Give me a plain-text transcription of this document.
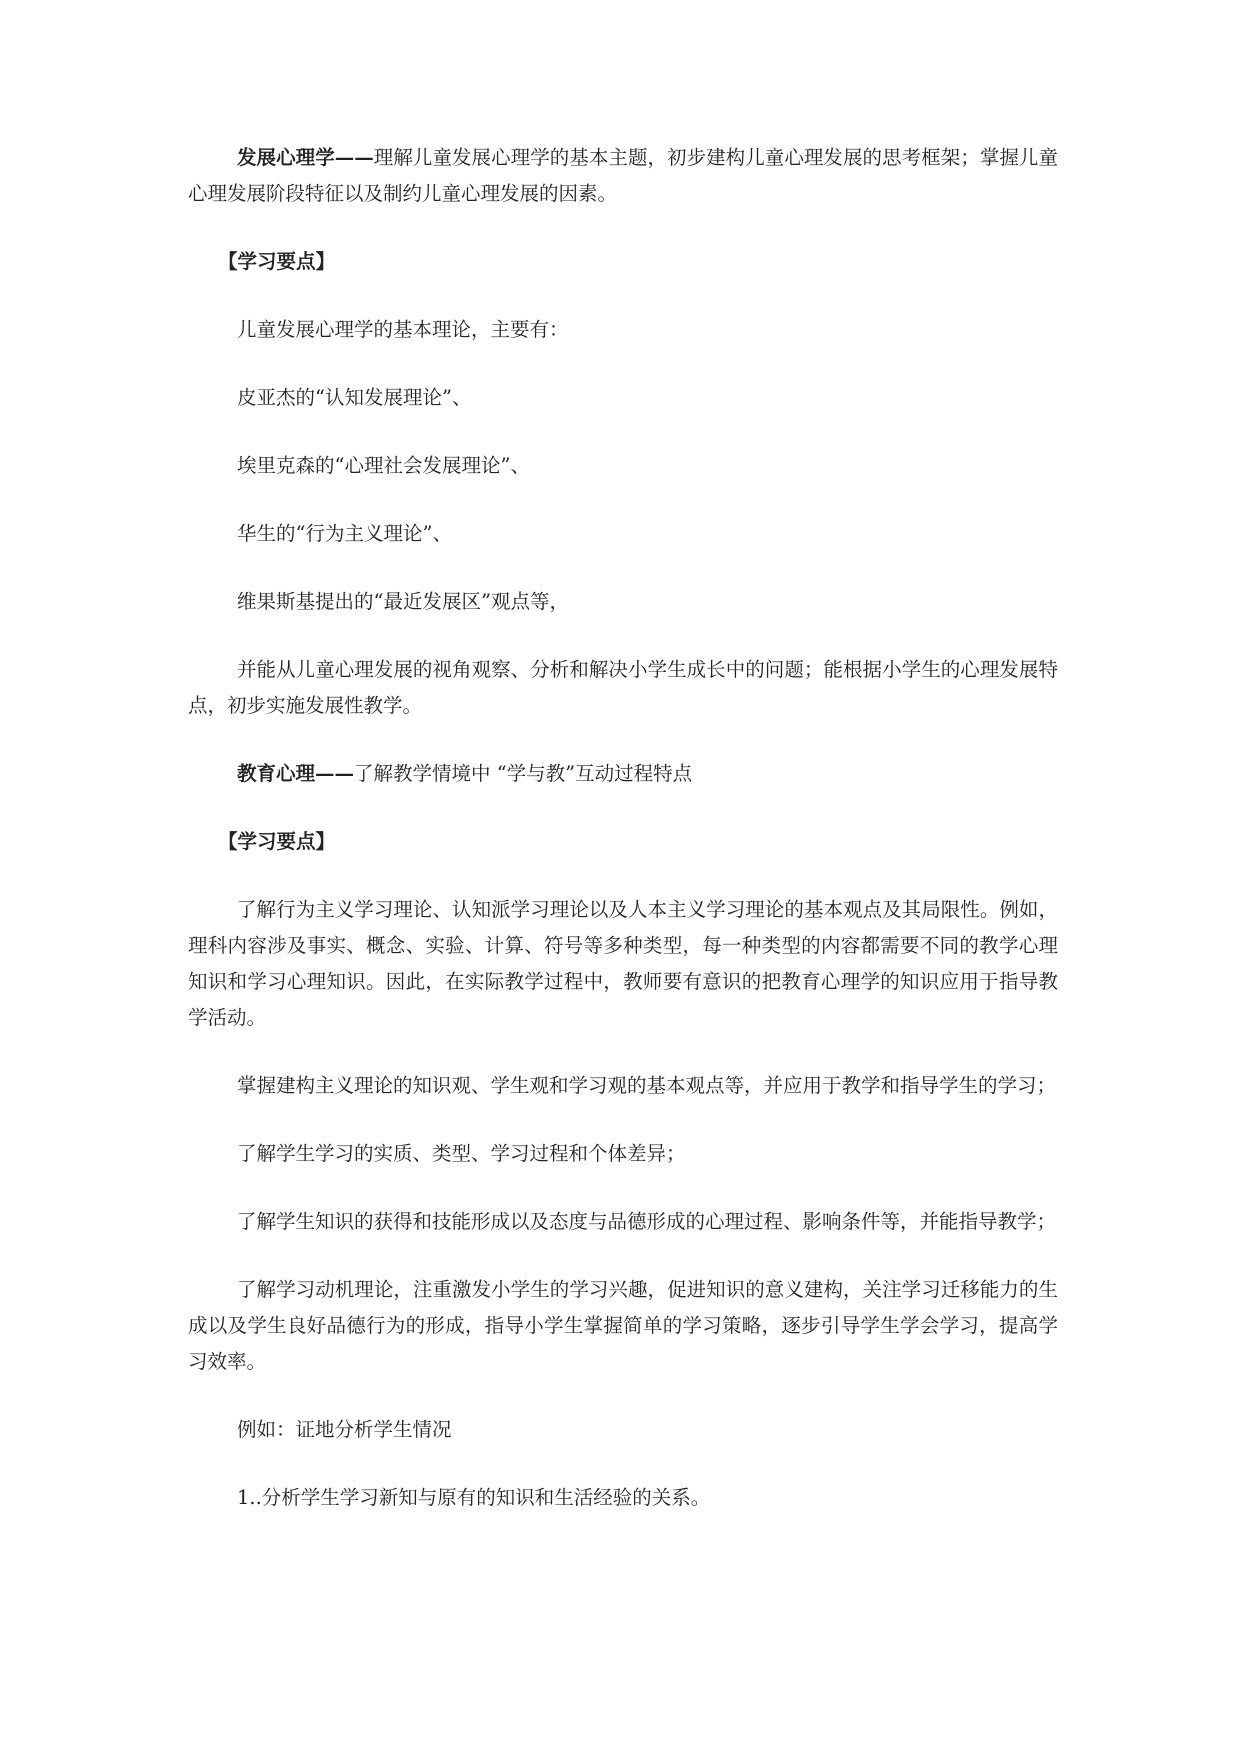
发展心理学——理解儿童发展心理学的基本主题，初步建构儿童心理发展的思考框架；掌握儿童心理发展阶段特征以及制约儿童心理发展的因素。

【学习要点】

儿童发展心理学的基本理论，主要有：

皮亚杰的“认知发展理论”、

埃里克森的“心理社会发展理论”、

华生的“行为主义理论”、

维果斯基提出的“最近发展区”观点等，

并能从儿童心理发展的视角观察、分析和解决小学生成长中的问题；能根据小学生的心理发展特点，初步实施发展性教学。

教育心理——了解教学情境中 “学与教”互动过程特点

【学习要点】

了解行为主义学习理论、认知派学习理论以及人本主义学习理论的基本观点及其局限性。例如，理科内容涉及事实、概念、实验、计算、符号等多种类型，每一种类型的内容都需要不同的教学心理知识和学习心理知识。因此，在实际教学过程中，教师要有意识的把教育心理学的知识应用于指导教学活动。

掌握建构主义理论的知识观、学生观和学习观的基本观点等，并应用于教学和指导学生的学习；

了解学生学习的实质、类型、学习过程和个体差异；

了解学生知识的获得和技能形成以及态度与品德形成的心理过程、影响条件等，并能指导教学；

了解学习动机理论，注重激发小学生的学习兴趣，促进知识的意义建构，关注学习迁移能力的生成以及学生良好品德行为的形成，指导小学生掌握简单的学习策略，逐步引导学生学会学习，提高学习效率。

例如：证地分析学生情况

1..分析学生学习新知与原有的知识和生活经验的关系。
